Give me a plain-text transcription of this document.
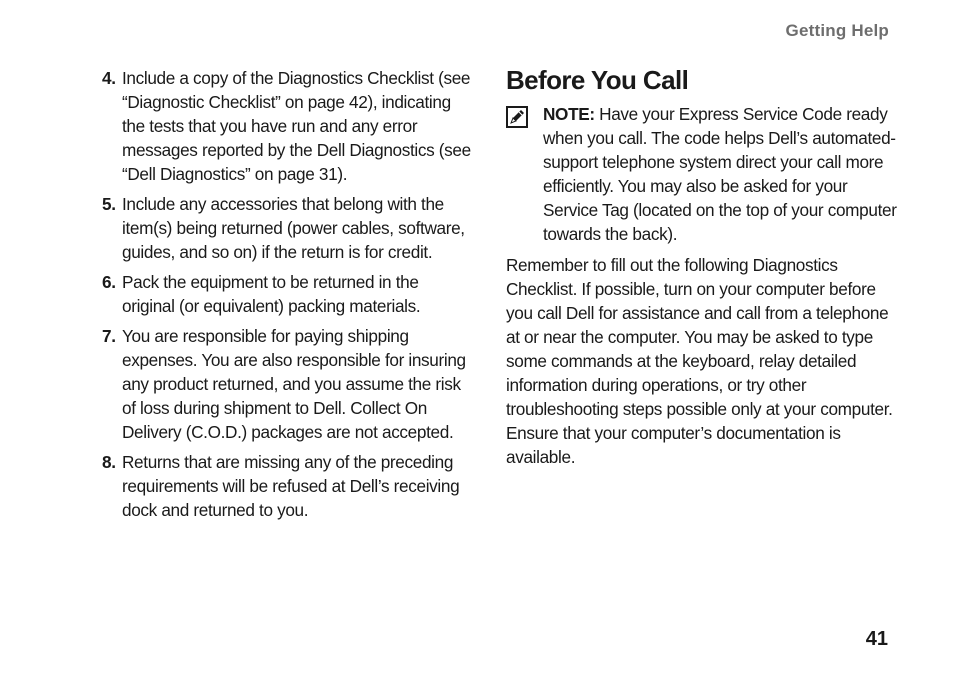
Getting Help
4. Include a copy of the Diagnostics Checklist (see “Diagnostic Checklist” on page 42), indicating the tests that you have run and any error messages reported by the Dell Diagnostics (see “Dell Diagnostics” on page 31).
5. Include any accessories that belong with the item(s) being returned (power cables, software, guides, and so on) if the return is for credit.
6. Pack the equipment to be returned in the original (or equivalent) packing materials.
7. You are responsible for paying shipping expenses. You are also responsible for insuring any product returned, and you assume the risk of loss during shipment to Dell. Collect On Delivery (C.O.D.) packages are not accepted.
8. Returns that are missing any of the preceding requirements will be refused at Dell’s receiving dock and returned to you.
Before You Call
NOTE: Have your Express Service Code ready when you call. The code helps Dell’s automated-support telephone system direct your call more efficiently. You may also be asked for your Service Tag (located on the top of your computer towards the back).

Remember to fill out the following Diagnostics Checklist. If possible, turn on your computer before you call Dell for assistance and call from a telephone at or near the computer. You may be asked to type some commands at the keyboard, relay detailed information during operations, or try other troubleshooting steps possible only at your computer. Ensure that your computer’s documentation is available.

41
